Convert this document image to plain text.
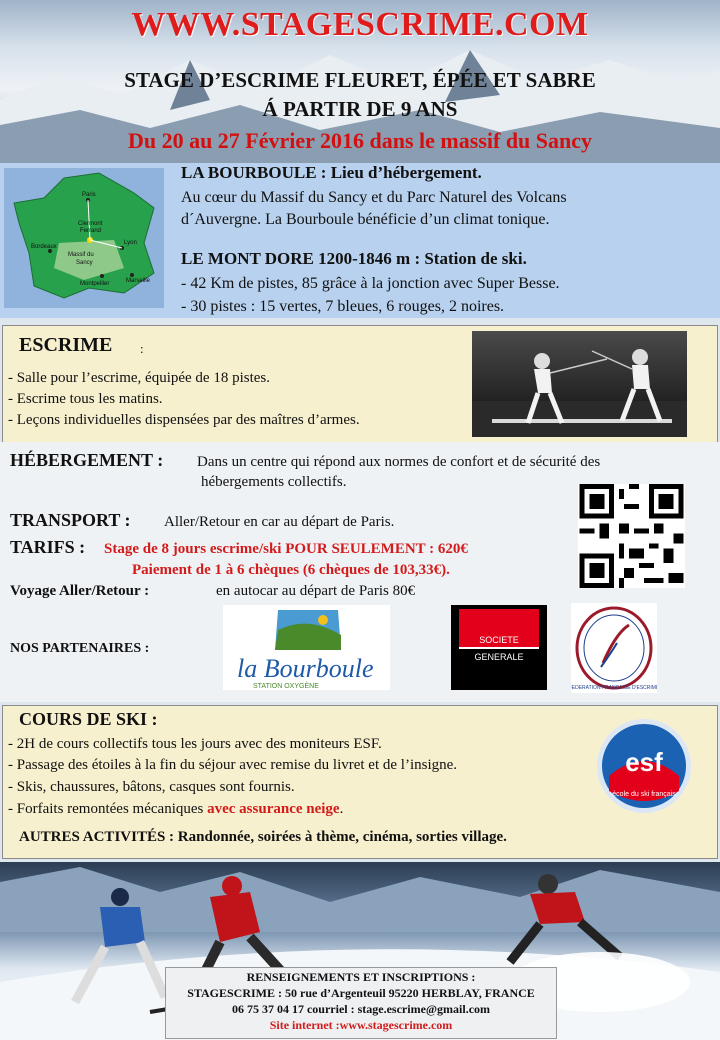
WWW.STAGESCRIME.COM
STAGE D’ESCRIME FLEURET, ÉPÉE ET SABRE
Á PARTIR DE 9 ANS
Du 20 au 27 Février 2016 dans le massif du Sancy
Paris
Clermont
Ferrand
Bordeaux
Massif du
Sancy
Lyon
Montpellier	Marseille
LA BOURBOULE : Lieu d’hébergement.
Au cœur du Massif du Sancy et du Parc Naturel des Volcans
d´Auvergne. La Bourboule bénéficie d’un climat tonique.
LE MONT DORE 1200-1846 m : Station de ski.
- 42 Km de pistes, 85 grâce à la jonction avec Super Besse.
- 30 pistes : 15 vertes, 7 bleues, 6 rouges, 2 noires.
ESCRIME :
- Salle pour l’escrime, équipée de 18 pistes.
- Escrime tous les matins.
- Leçons individuelles dispensées par des maîtres d’armes.
HÉBERGEMENT : Dans un centre qui répond aux normes de confort et de sécurité des
hébergements collectifs.
TRANSPORT : Aller/Retour en car au départ de Paris.
TARIFS : Stage de 8 jours escrime/ski POUR SEULEMENT : 620€
Paiement de 1 à 6 chèques (6 chèques de 103,33€).
Voyage Aller/Retour :	en autocar au départ de Paris 80€
NOS PARTENAIRES :
la Bourboule
STATION OXYGÈNE
SOCIETE
GENERALE
FEDERATION FRANCAISE D'ESCRIME
COURS DE SKI :
- 2H de cours collectifs tous les jours avec des moniteurs ESF.
- Passage des étoiles à la fin du séjour avec remise du livret et de l’insigne.
- Skis, chaussures, bâtons, casques sont fournis.
- Forfaits remontées mécaniques avec assurance neige.
AUTRES ACTIVITÉS : Randonnée, soirées à thème, cinéma, sorties village.
esf
école du ski français
RENSEIGNEMENTS ET INSCRIPTIONS :
STAGESCRIME : 50 rue d’Argenteuil 95220 HERBLAY, FRANCE
06 75 37 04 17 courriel : stage.escrime@gmail.com
Site internet :www.stagescrime.com
